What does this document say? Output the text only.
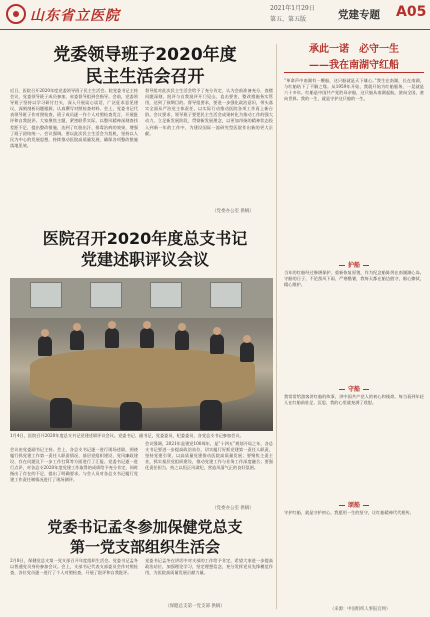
山东省立医院	2021年1月29日
第五、第五版	党建专题 A05
党委领导班子2020年度
民主生活会召开
近日，医院召开2020年度党委领导班子民主生活会。院党委书记主持会议，党委领导班子成员参加，省委督导组到会指导。会前，党委领导班子坚持以学习研讨打头，深入开展谈心谈话，广泛征求意见建议，深刻剖析问题根源，认真撰写对照检查材料。会上，党委书记代表领导班子作对照检查，班子成员逐一作个人对照检查发言，开展批评和自我批评。大家聚焦主题，紧密联系实际，以整风精神深刻查找差距不足，提出整改措施，达到了红脸出汗、排毒治病的效果，增强了班子团结统一。会议强调，要以此次民主生活会为契机，坚持以人民为中心的发展思想，持续推动医院高质量发展，确保各项整改措施落地见效。
督导组对此次民主生活会给予了充分肯定，认为会前准备充分，查摆问题深刻，批评与自我批评开门见山、直击要害，整改措施务实管用，达到了预期目的。督导组要求，要进一步强化政治意识，带头落实全面从严治党主体责任，以实际行动推动医院各项工作再上新台阶。会议要求，领导班子要把民主生活会成果转化为推动工作的强大动力，立足新发展阶段，贯彻新发展理念，以更加昂扬的精神状态投入到新一年的工作中，为建设国际一流研究型医院作出新的更大贡献。
（党委办公室 供稿）
医院召开2020年度总支书记
党建述职评议会议
1月4日，医院召开2020年度总支书记党建述职评议会议。党委书记、副书记，党委委员，纪委委员，各党总支书记参加会议。
会议由党委副书记主持。会上，各总支书记逐一进行现场述职，围绕履行抓党建工作第一责任人职责情况、基层党组织建设、党风廉政建设、存在问题及下一步工作打算等方面进行了汇报。党委书记逐一进行点评，对各总支2020年度党建工作取得的成绩给予充分肯定，同时指出了存在的不足，提出了明确要求。与会人员对各总支书记履行党建工作责任制情况进行了现场测评。
会议强调，2021年是建党100周年，是“十四五”规划开局之年，各总支书记要进一步提高政治站位，切实履行好抓党建第一责任人职责，坚持党建引领，以高质量党建推动医院高质量发展；要聚焦主责主业，抓实基层党组织建设，推动党建工作与业务工作深度融合；要强化责任担当，持之以恒正风肃纪，营造风清气正的良好氛围。
（党委办公室 供稿）
党委书记孟冬参加保健党总支
第一党支部组织生活会
2月8日，保健党总支第一党支部召开年度组织生活会。党委书记孟冬以普通党员身份参加会议。会上，支部书记代表支部委员会作对照检查，各位党员逐一进行了个人对照检查，开展了批评和自我批评。
党委书记孟冬在讲话中对支部的工作给予肯定，希望大家进一步提高政治站位，加强理论学习，坚定理想信念，充分发挥党员先锋模范作用，为医院高质量发展贡献力量。
（保健总支第一党支部 供稿）
承此一诺　必守一生
——我在南湖守红船
“革命声中南湖有一艘船，这只船就是天下雄心。”我生在南湖，长在南湖，与红船结下了不解之缘。从1959年开始，我就开始为红船服务，一晃就是六十多年。红船是中国共产党的母亲船，这只船从南湖起航，驶向全国，驶向世界。我的一生，就是守护这只船的一生。
护船
当年的红船经过修缮保护，重新恢复原貌，作为纪念船陈列在南湖湖心岛。守船的日子，不论刮风下雨、严寒酷暑，我每天都在船边值守，细心擦拭，精心维护。
守船
我常常给游客讲红船的故事，讲中国共产党人的初心和使命。每当看到年轻人在红船前驻足、沉思，我的心里就充满了欣慰。
颂船
守护红船，就是守护初心。我愿用一生的坚守，让红船精神代代相传。
（来源：中国组织人事报官网）
